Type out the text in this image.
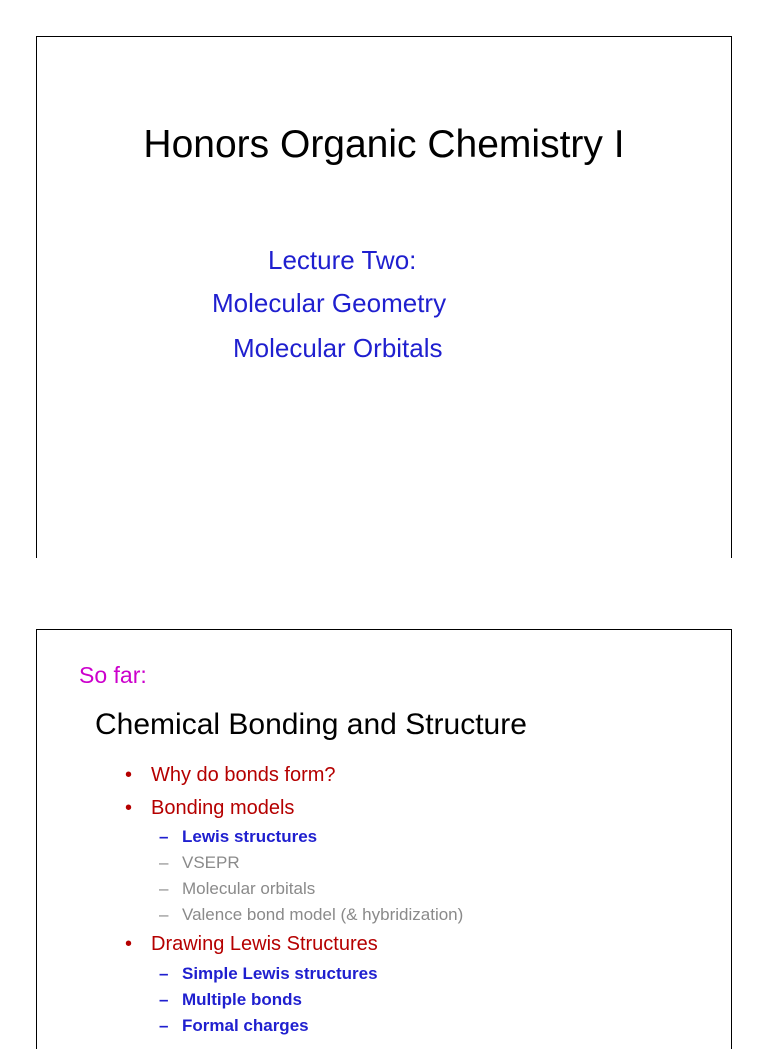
Honors Organic Chemistry I
Lecture Two:
Molecular Geometry
Molecular Orbitals
So far:
Chemical Bonding and Structure
• Why do bonds form?
• Bonding models
– Lewis structures
– VSEPR
– Molecular orbitals
– Valence bond model (& hybridization)
• Drawing Lewis Structures
– Simple Lewis structures
– Multiple bonds
– Formal charges
